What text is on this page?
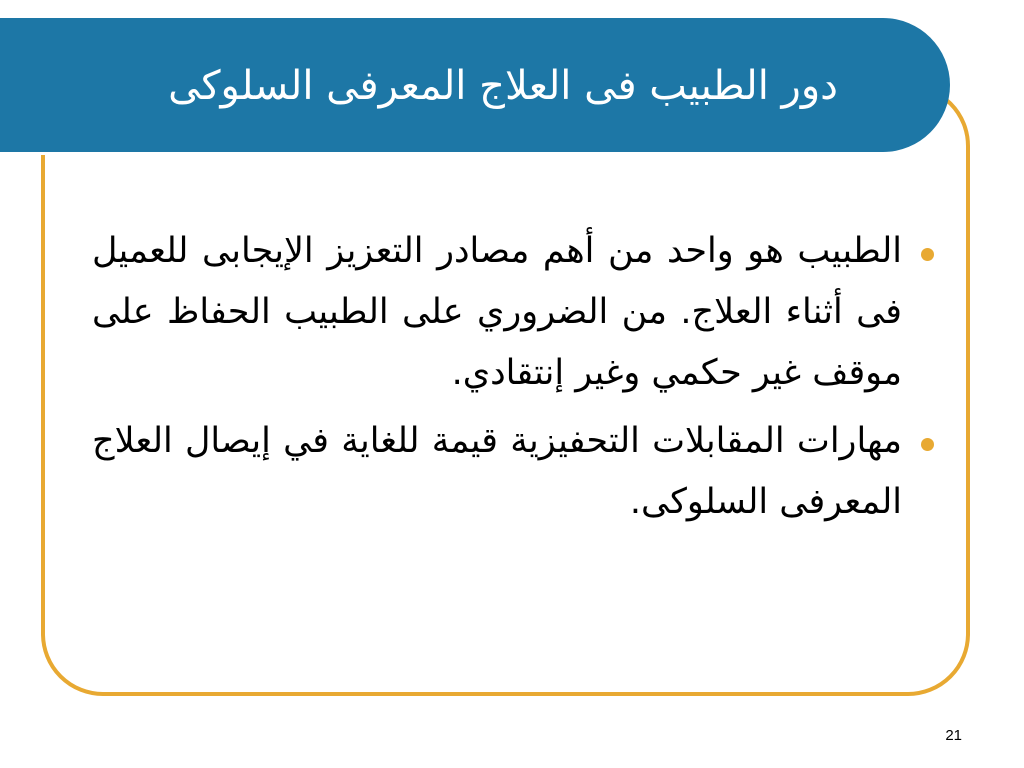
دور الطبيب فى العلاج المعرفى السلوكى
الطبيب هو واحد من أهم مصادر التعزيز الإيجابى للعميل فى أثناء العلاج. من الضروري على الطبيب الحفاظ على موقف غير حكمي وغير إنتقادي.
مهارات المقابلات التحفيزية قيمة للغاية في إيصال العلاج المعرفى السلوكى.
21
